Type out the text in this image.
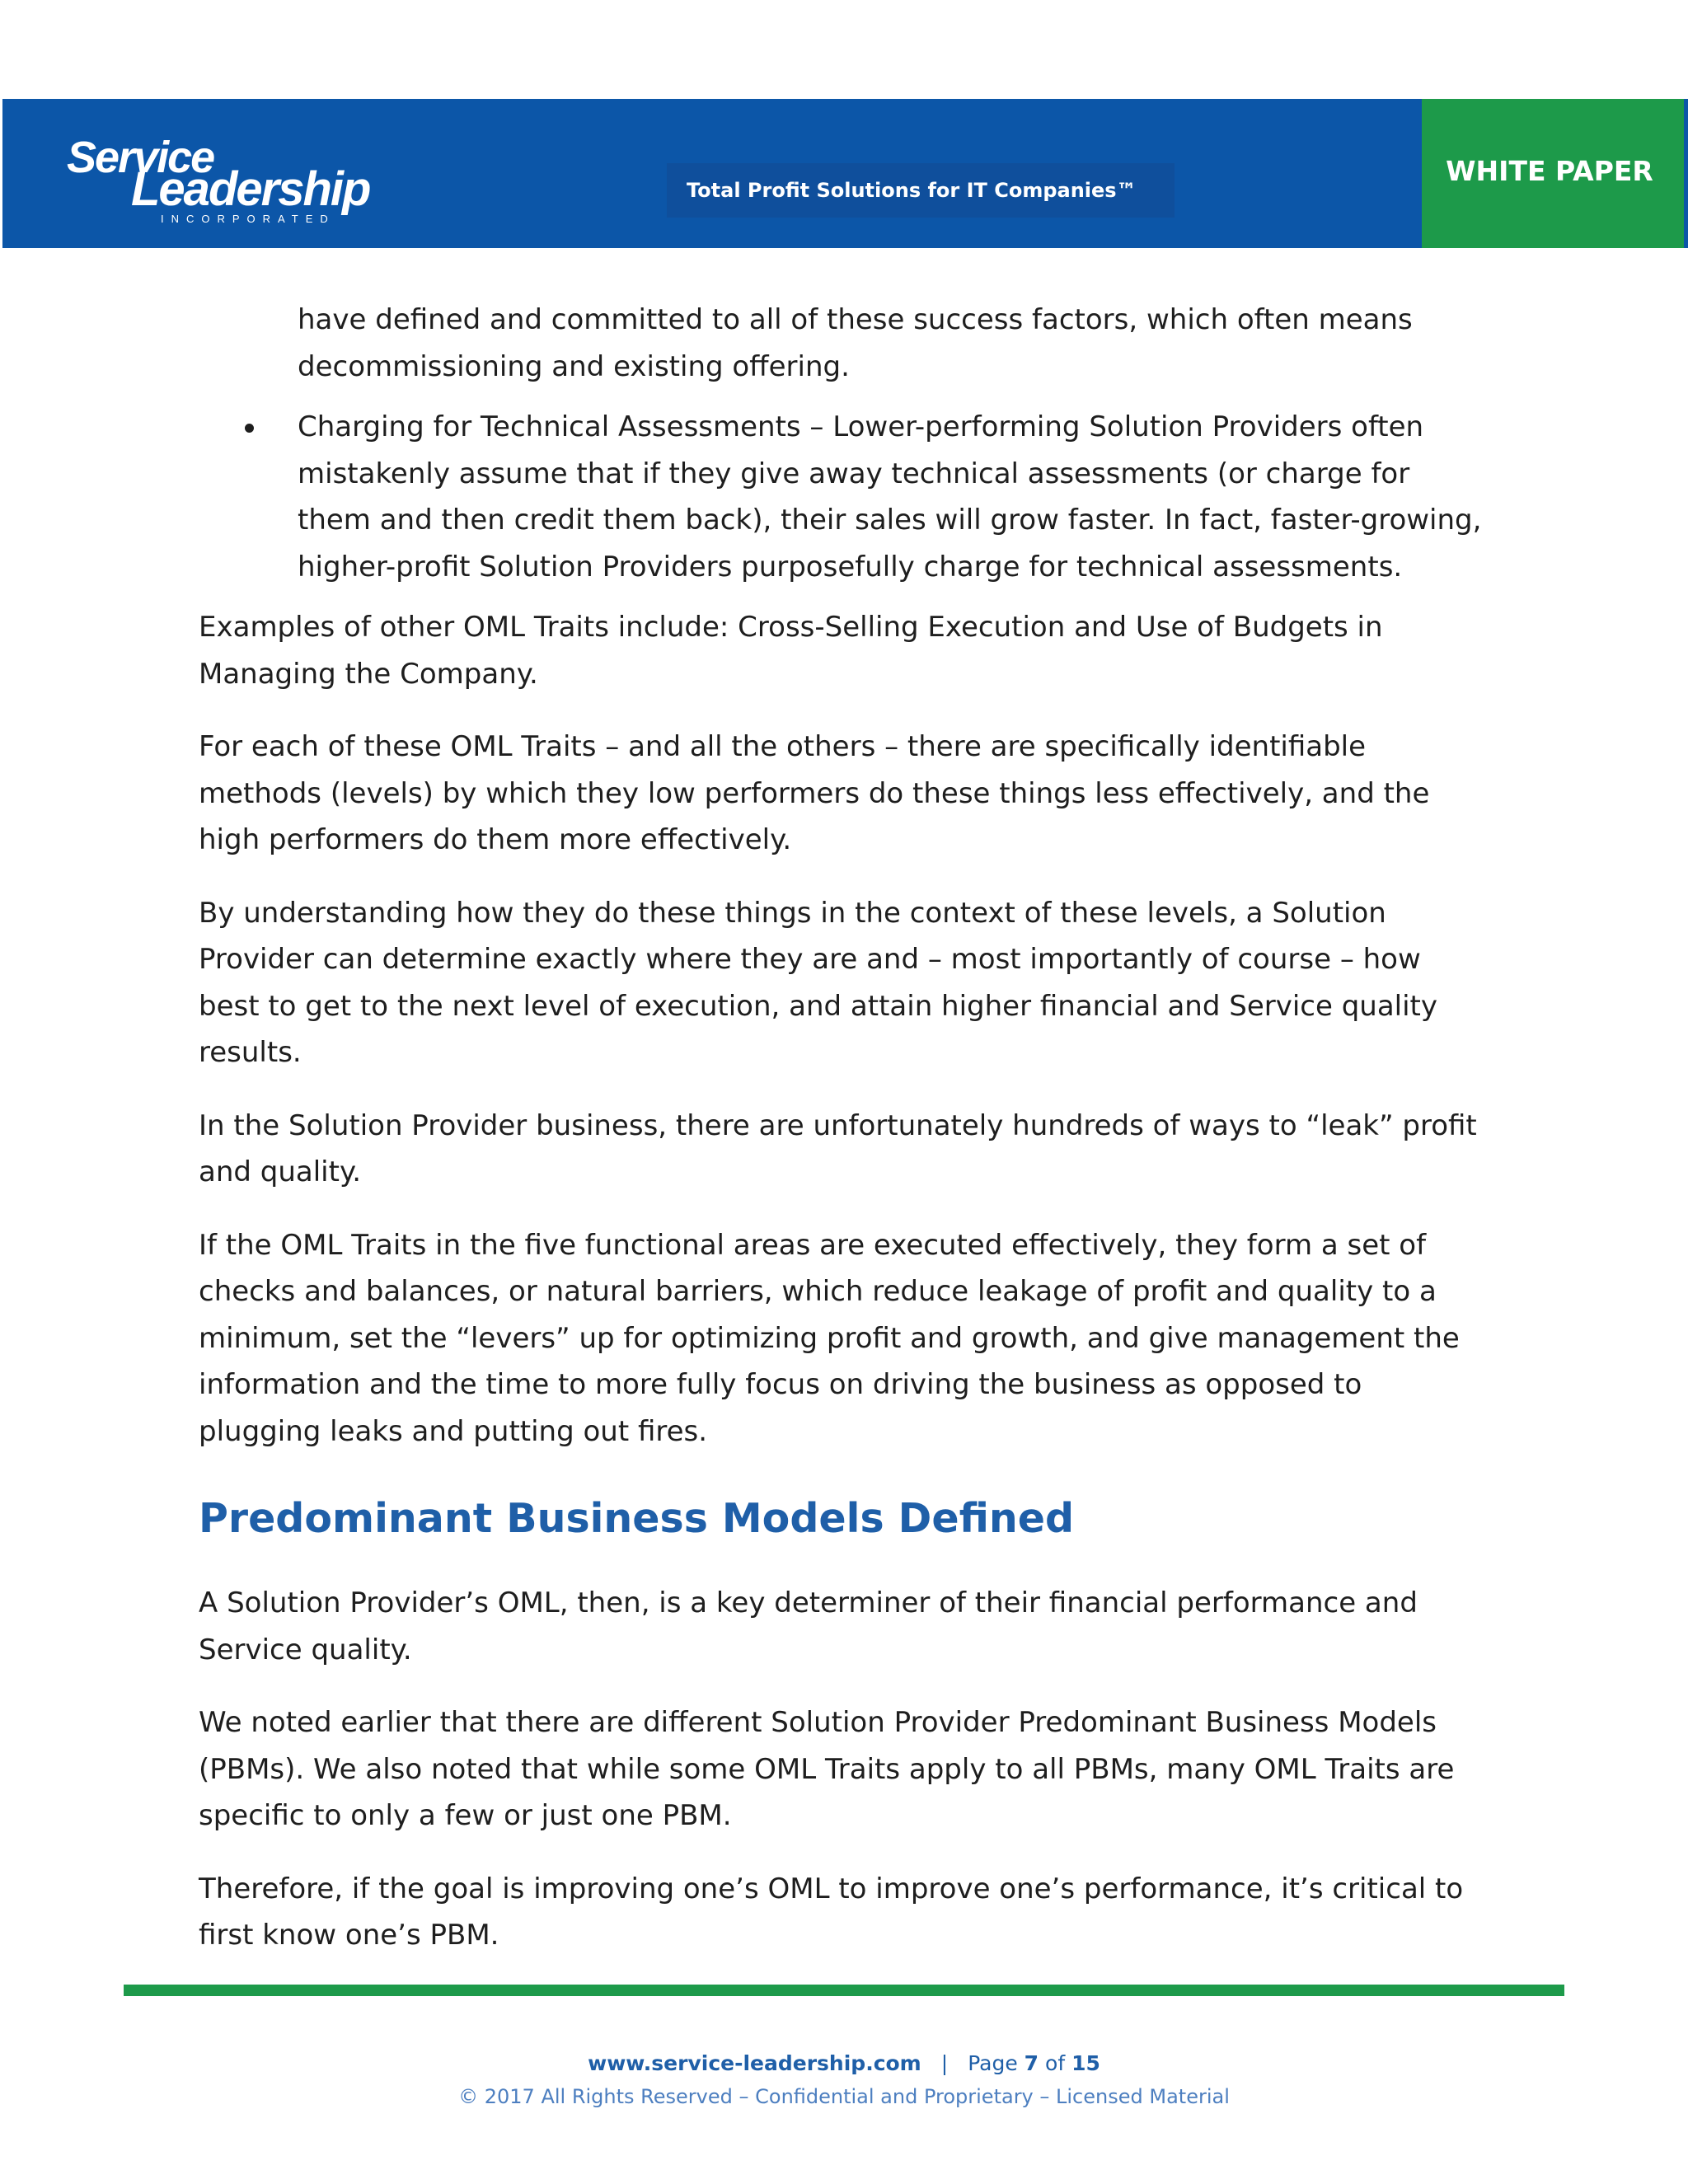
Service
Leadership
INCORPORATED
Total Profit Solutions for IT Companies™
WHITE PAPER
have defined and committed to all of these success factors, which often means decommissioning and existing offering.
Charging for Technical Assessments – Lower-performing Solution Providers often mistakenly assume that if they give away technical assessments (or charge for them and then credit them back), their sales will grow faster. In fact, faster-growing, higher-profit Solution Providers purposefully charge for technical assessments.

Examples of other OML Traits include: Cross-Selling Execution and Use of Budgets in Managing the Company.

For each of these OML Traits – and all the others – there are specifically identifiable methods (levels) by which they low performers do these things less effectively, and the high performers do them more effectively.

By understanding how they do these things in the context of these levels, a Solution Provider can determine exactly where they are and – most importantly of course – how best to get to the next level of execution, and attain higher financial and Service quality results.

In the Solution Provider business, there are unfortunately hundreds of ways to “leak” profit and quality.

If the OML Traits in the five functional areas are executed effectively, they form a set of checks and balances, or natural barriers, which reduce leakage of profit and quality to a minimum, set the “levers” up for optimizing profit and growth, and give management the information and the time to more fully focus on driving the business as opposed to plugging leaks and putting out fires.

Predominant Business Models Defined

A Solution Provider’s OML, then, is a key determiner of their financial performance and Service quality.

We noted earlier that there are different Solution Provider Predominant Business Models (PBMs). We also noted that while some OML Traits apply to all PBMs, many OML Traits are specific to only a few or just one PBM.

Therefore, if the goal is improving one’s OML to improve one’s performance, it’s critical to first know one’s PBM.

www.service-leadership.com | Page 7 of 15
© 2017 All Rights Reserved – Confidential and Proprietary – Licensed Material
